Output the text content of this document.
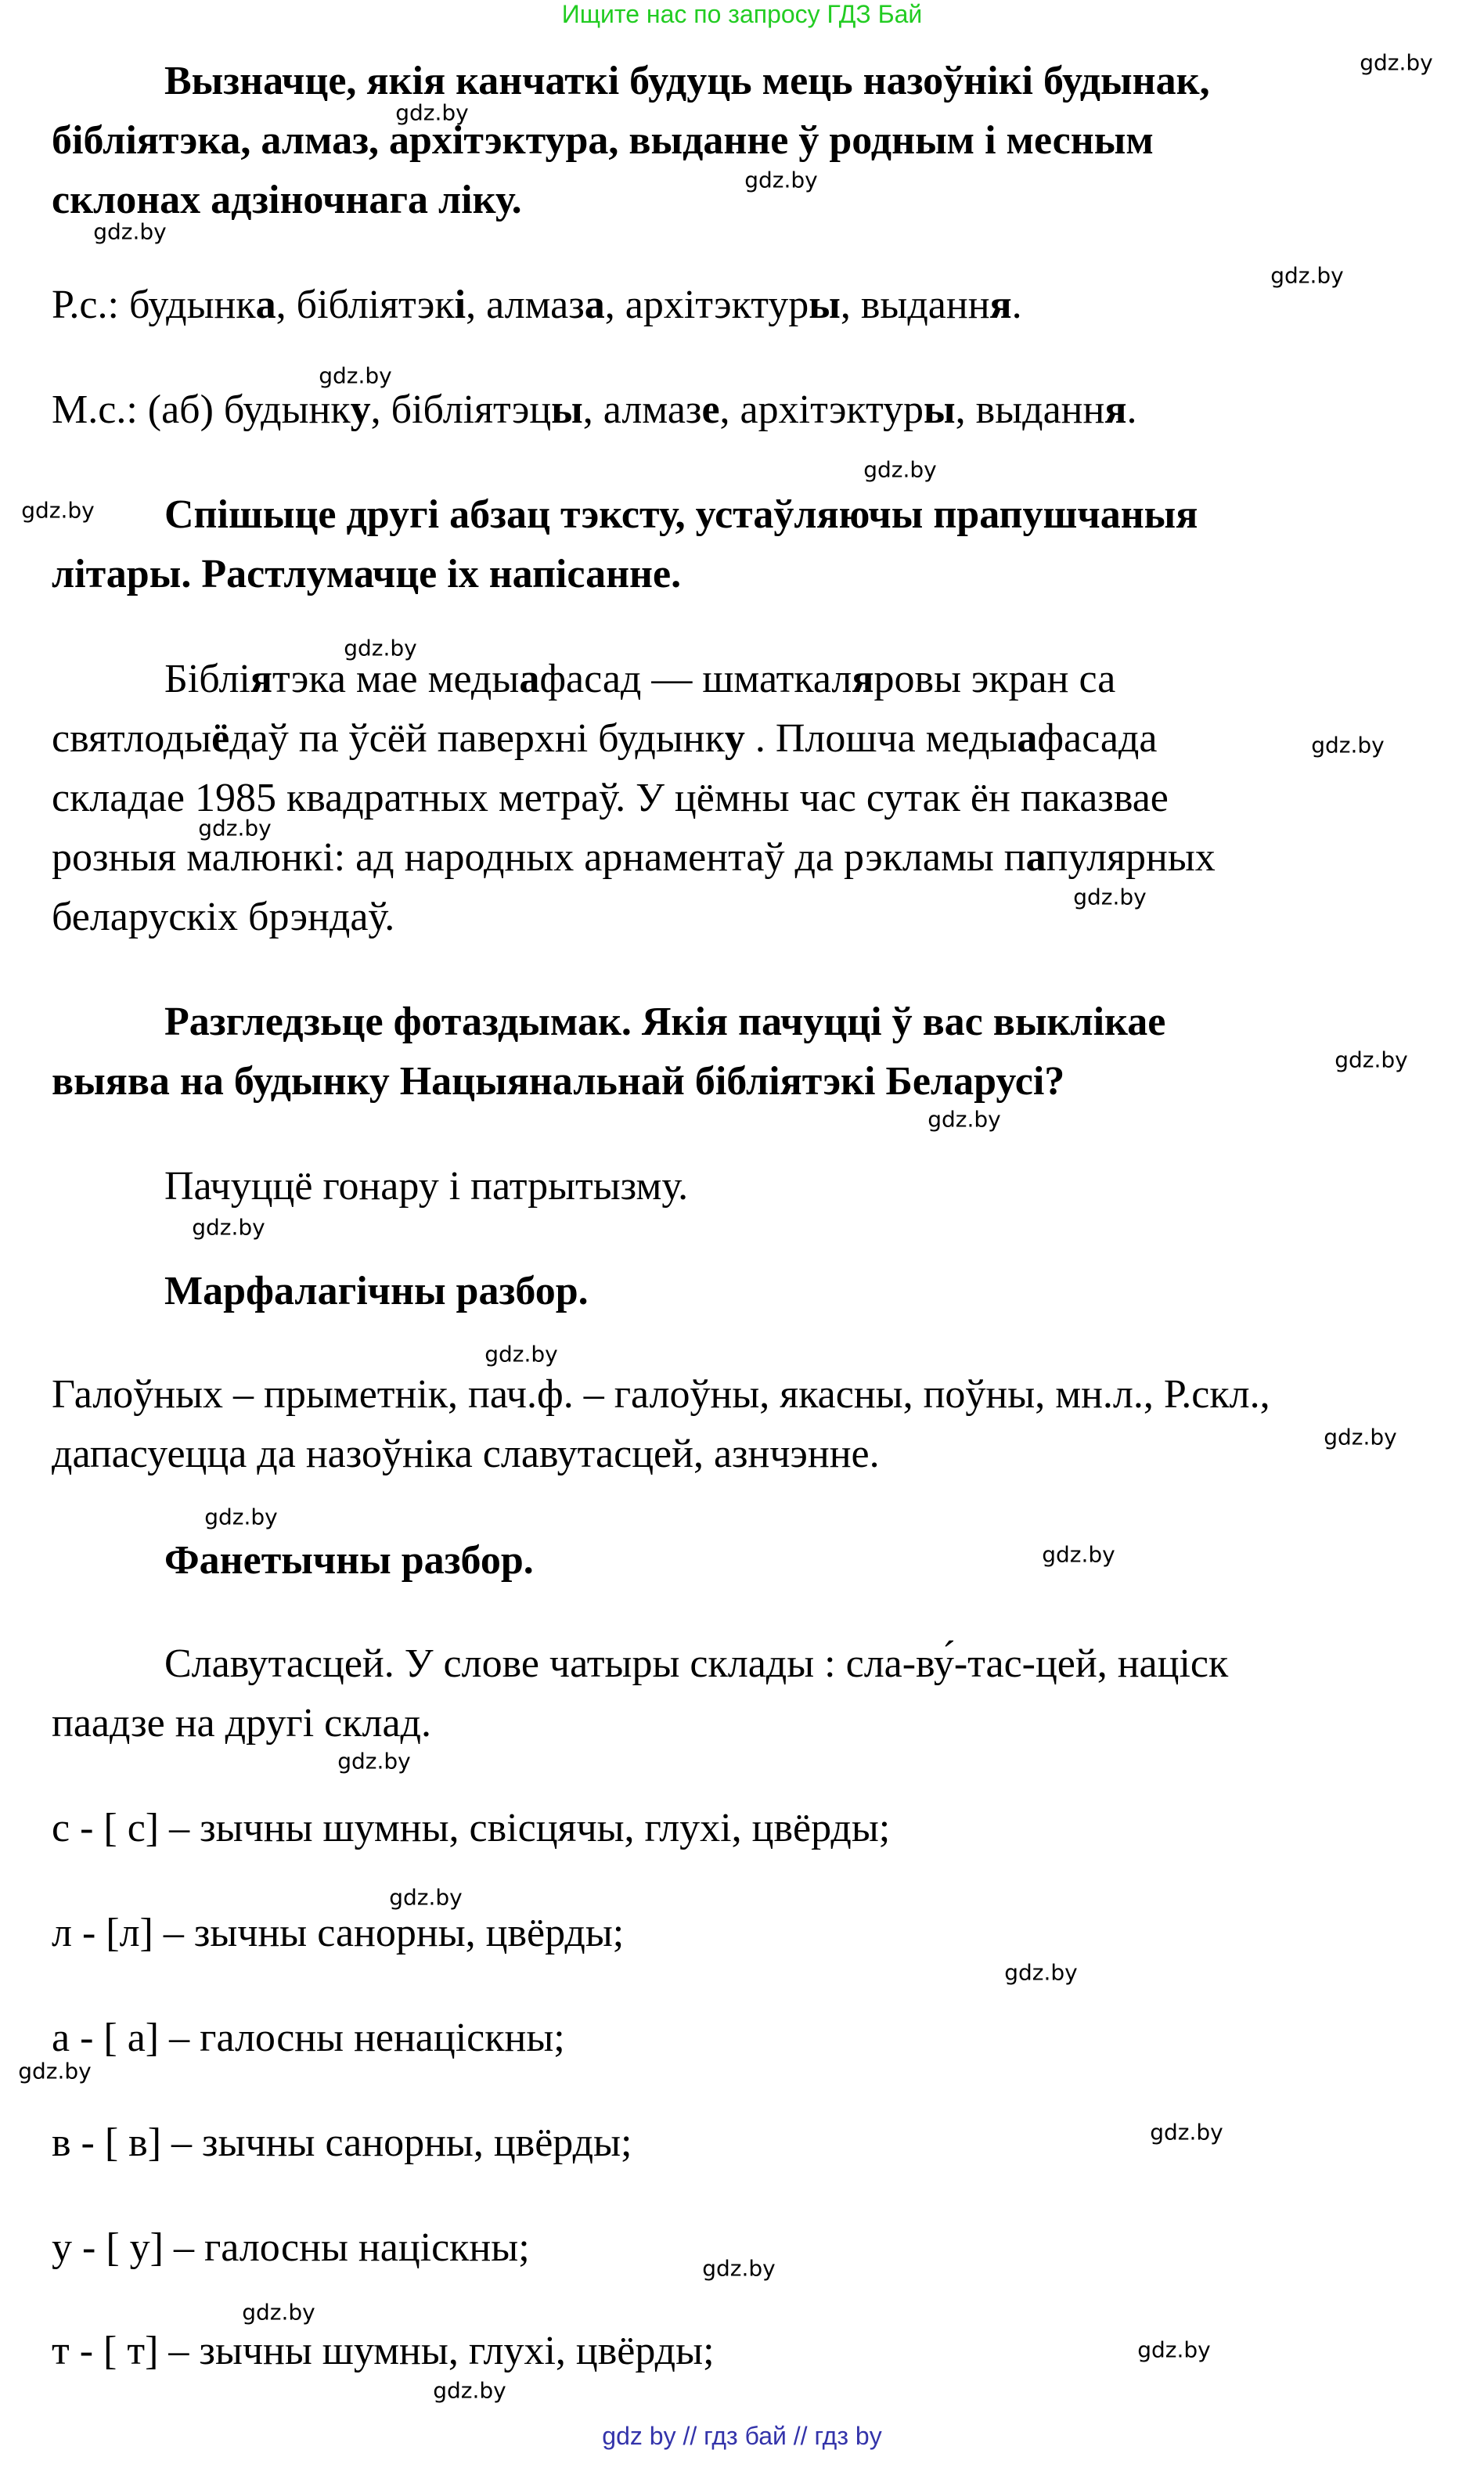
Ищите нас по запросу ГДЗ Бай
Вызначце, якія канчаткі будуць мець назоўнікі будынак,
бібліятэка, алмаз, архітэктура, выданне ў родным і месным
склонах адзіночнага ліку.
Р.с.: будынка, бібліятэкі, алмаза, архітэктуры, выдання.
М.с.: (аб) будынку, бібліятэцы, алмазе, архітэктуры, выдання.
Спішыце другі абзац тэксту, устаўляючы прапушчаныя
літары. Растлумачце іх напісанне.
Бібліятэка мае медыафасад — шматкаляровы экран са
святлодыёдаў па ўсёй паверхні будынку . Плошча медыафасада
складае 1985 квадратных метраў. У цёмны час сутак ён паказвае
розныя малюнкі: ад народных арнаментаў да рэкламы папулярных
беларускіх брэндаў.
Разгледзьце фотаздымак. Якія пачуцці ў вас выклікае
выява на будынку Нацыянальнай бібліятэкі Беларусі?
Пачуццё гонару і патрытызму.
Марфалагічны разбор.
Галоўных – прыметнік, пач.ф. – галоўны, якасны, поўны, мн.л., Р.скл.,
дапасуецца да назоўніка славутасцей, азнчэнне.
Фанетычны разбор.
Славутасцей. У слове чатыры склады : сла-ву́-тас-цей, націск
паадзе на другі склад.
с - [ с] – зычны шумны, свісцячы, глухі, цвёрды;
л - [л] – зычны санорны, цвёрды;
а - [ а] – галосны ненаціскны;
в - [ в] – зычны санорны, цвёрды;
у - [ у] – галосны націскны;
т - [ т] – зычны шумны, глухі, цвёрды;
gdz.by
gdz.by
gdz.by
gdz.by
gdz.by
gdz.by
gdz.by
gdz.by
gdz.by
gdz.by
gdz.by
gdz.by
gdz.by
gdz.by
gdz.by
gdz.by
gdz.by
gdz.by
gdz.by
gdz.by
gdz.by
gdz.by
gdz.by
gdz.by
gdz.by
gdz.by
gdz.by
gdz.by
gdz by // гдз бай // гдз by
